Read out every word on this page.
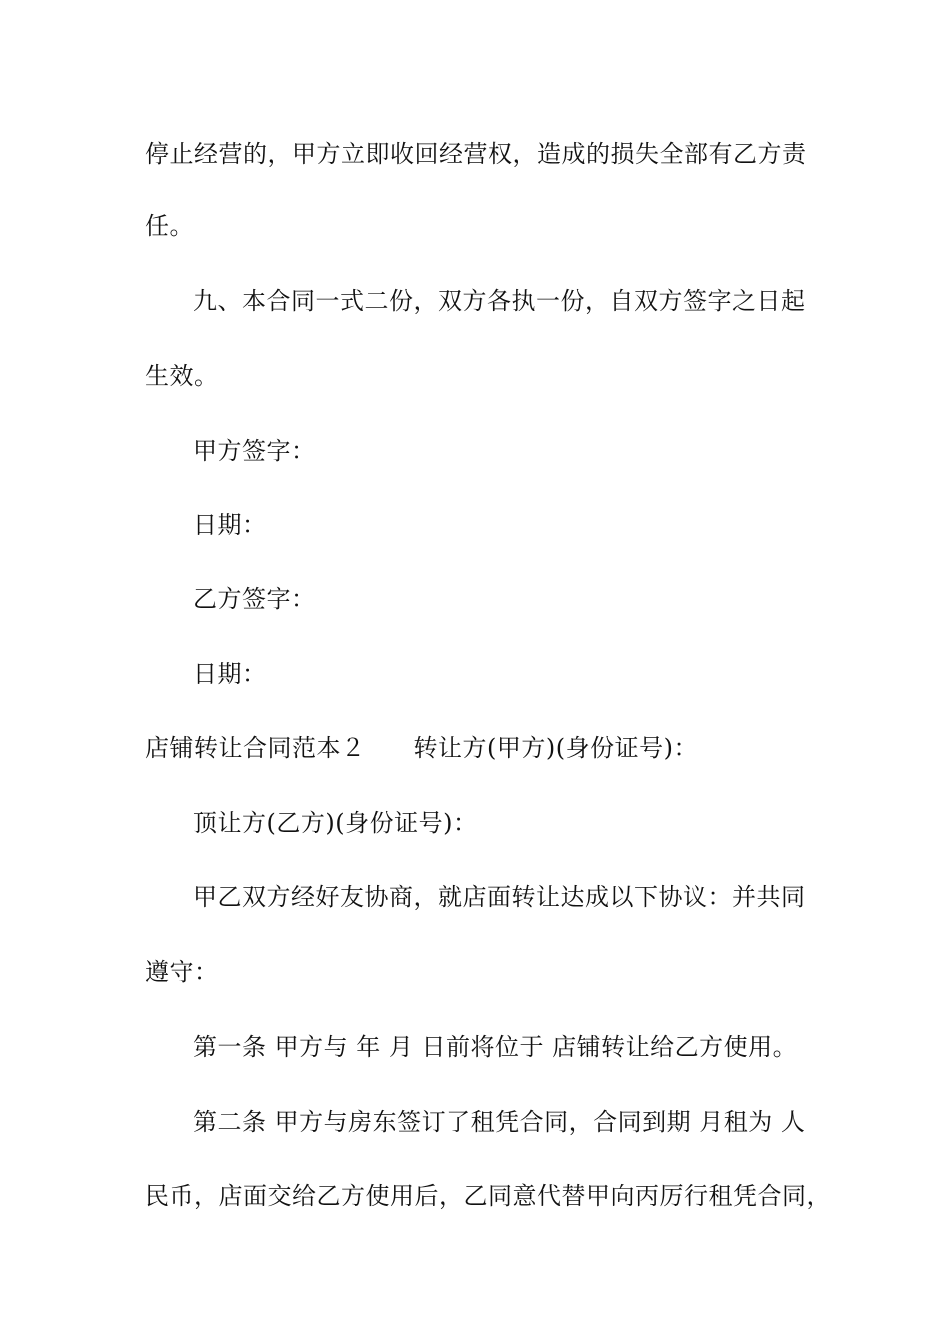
停止经营的，甲方立即收回经营权，造成的损失全部有乙方责
任。
九、本合同一式二份，双方各执一份，自双方签字之日起
生效。
甲方签字：
日期：
乙方签字：
日期：
店铺转让合同范本２ 转让方(甲方)(身份证号)：
顶让方(乙方)(身份证号)：
甲乙双方经好友协商，就店面转让达成以下协议：并共同
遵守：
第一条 甲方与 年 月 日前将位于 店铺转让给乙方使用。
第二条 甲方与房东签订了租凭合同，合同到期 月租为 人
民币，店面交给乙方使用后，乙同意代替甲向丙厉行租凭合同，
